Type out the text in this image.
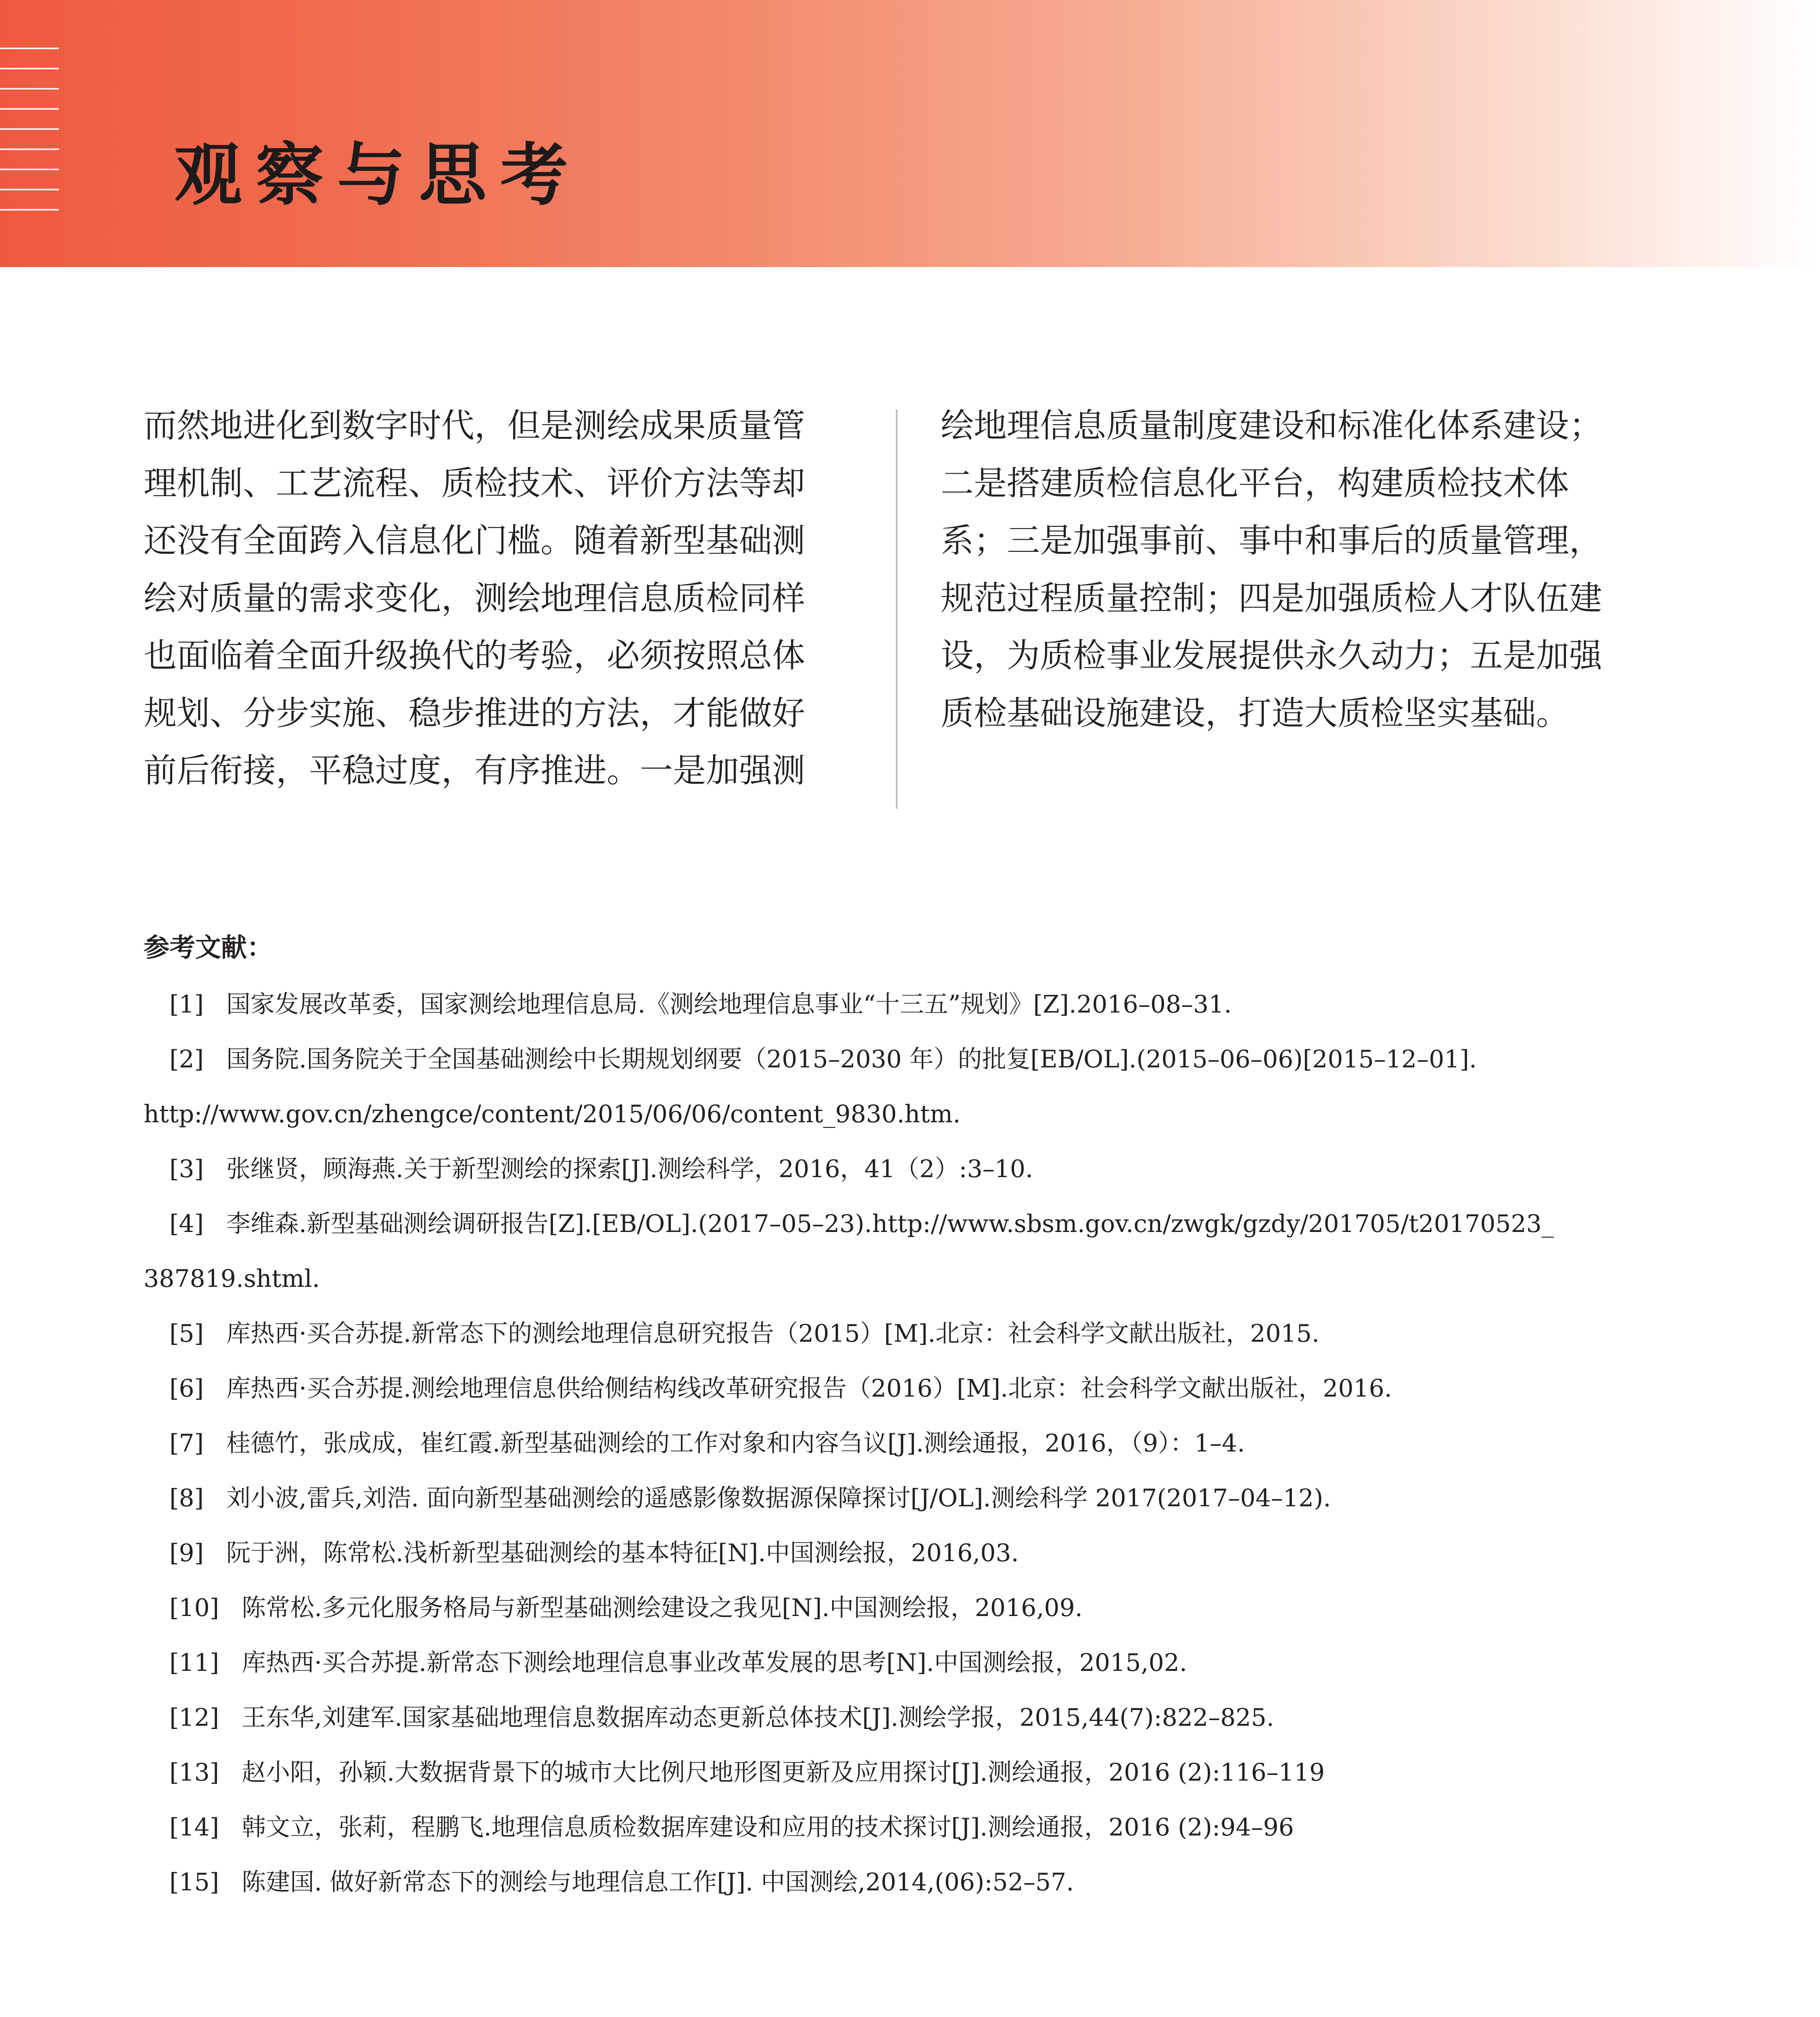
观察与思考
而然地进化到数字时代，但是测绘成果质量管
理机制、工艺流程、质检技术、评价方法等却
还没有全面跨入信息化门槛。随着新型基础测
绘对质量的需求变化，测绘地理信息质检同样
也面临着全面升级换代的考验，必须按照总体
规划、分步实施、稳步推进的方法，才能做好
前后衔接，平稳过度，有序推进。一是加强测
绘地理信息质量制度建设和标准化体系建设；
二是搭建质检信息化平台，构建质检技术体
系；三是加强事前、事中和事后的质量管理，
规范过程质量控制；四是加强质检人才队伍建
设，为质检事业发展提供永久动力；五是加强
质检基础设施建设，打造大质检坚实基础。
参考文献：
[1] 国家发展改革委，国家测绘地理信息局.《测绘地理信息事业“十三五”规划》[Z].2016–08–31.
[2] 国务院.国务院关于全国基础测绘中长期规划纲要（2015–2030 年）的批复[EB/OL].(2015–06–06)[2015–12–01].
http://www.gov.cn/zhengce/content/2015/06/06/content_9830.htm.
[3] 张继贤，顾海燕.关于新型测绘的探索[J].测绘科学，2016，41（2）:3–10.
[4] 李维森.新型基础测绘调研报告[Z].[EB/OL].(2017–05–23).http://www.sbsm.gov.cn/zwgk/gzdy/201705/t20170523_
387819.shtml.
[5] 库热西·买合苏提.新常态下的测绘地理信息研究报告（2015）[M].北京：社会科学文献出版社，2015.
[6] 库热西·买合苏提.测绘地理信息供给侧结构线改革研究报告（2016）[M].北京：社会科学文献出版社，2016.
[7] 桂德竹，张成成，崔红霞.新型基础测绘的工作对象和内容刍议[J].测绘通报，2016，（9）：1–4.
[8] 刘小波,雷兵,刘浩. 面向新型基础测绘的遥感影像数据源保障探讨[J/OL].测绘科学 2017(2017–04–12).
[9] 阮于洲，陈常松.浅析新型基础测绘的基本特征[N].中国测绘报，2016,03.
[10] 陈常松.多元化服务格局与新型基础测绘建设之我见[N].中国测绘报，2016,09.
[11] 库热西·买合苏提.新常态下测绘地理信息事业改革发展的思考[N].中国测绘报，2015,02.
[12] 王东华,刘建军.国家基础地理信息数据库动态更新总体技术[J].测绘学报，2015,44(7):822–825.
[13] 赵小阳，孙颖.大数据背景下的城市大比例尺地形图更新及应用探讨[J].测绘通报，2016 (2):116–119
[14] 韩文立，张莉，程鹏飞.地理信息质检数据库建设和应用的技术探讨[J].测绘通报，2016 (2):94–96
[15] 陈建国. 做好新常态下的测绘与地理信息工作[J]. 中国测绘,2014,(06):52–57.
